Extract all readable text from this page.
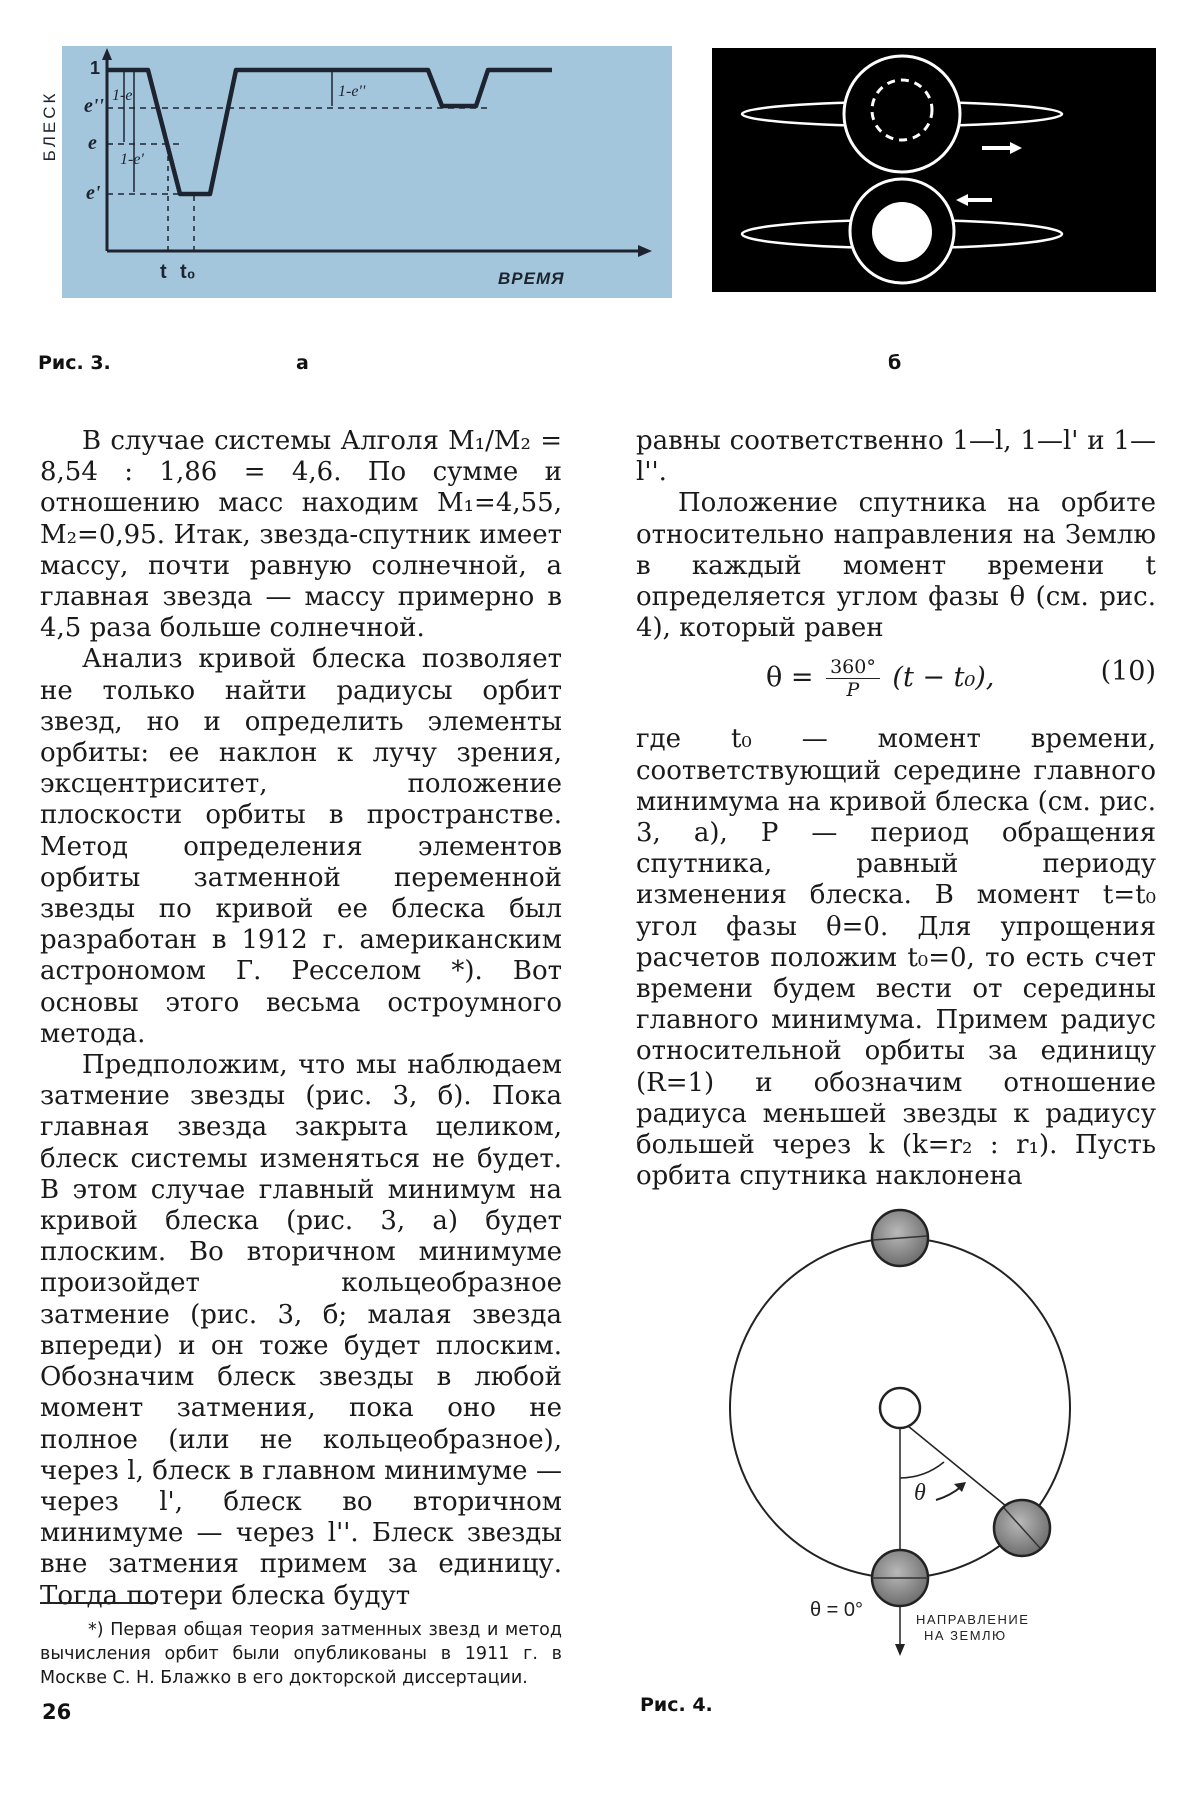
1
e''
e
e'
1-e
1-e'
1-e''
t t₀	ВРЕМЯ
БЛЕСК
Рис. 3.	а	б

В случае системы Алголя M₁/M₂ = 8,54 : 1,86 = 4,6. По сумме и отношению масс находим M₁=4,55, M₂=0,95. Итак, звезда-спутник имеет массу, почти равную солнечной, а главная звезда — массу примерно в 4,5 раза больше солнечной.

Анализ кривой блеска позволяет не только найти радиусы орбит звезд, но и определить элементы орбиты: ее наклон к лучу зрения, эксцентриситет, положение плоскости орбиты в пространстве. Метод определения элементов орбиты затменной переменной звезды по кривой ее блеска был разработан в 1912 г. американским астрономом Г. Ресселом *). Вот основы этого весьма остроумного метода.

Предположим, что мы наблюдаем затмение звезды (рис. 3, б). Пока главная звезда закрыта целиком, блеск системы изменяться не будет. В этом случае главный минимум на кривой блеска (рис. 3, а) будет плоским. Во вторичном минимуме произойдет кольцеобразное затмение (рис. 3, б; малая звезда впереди) и он тоже будет плоским. Обозначим блеск звезды в любой момент затмения, пока оно не полное (или не кольцеобразное), через l, блеск в главном минимуме — через l', блеск во вторичном минимуме — через l''. Блеск звезды вне затмения примем за единицу. Тогда потери блеска будут

*) Первая общая теория затменных звезд и метод вычисления орбит были опубликованы в 1911 г. в Москве С. Н. Блажко в его докторской диссертации.
26

равны соответственно 1—l, 1—l' и 1—l''.

Положение спутника на орбите относительно направления на Землю в каждый момент времени t определяется углом фазы θ (см. рис. 4), который равен

$\theta = \frac{360^\circ}{P} (t - t_0)$,	(10)

где t₀ — момент времени, соответствующий середине главного минимума на кривой блеска (см. рис. 3, а), P — период обращения спутника, равный периоду изменения блеска. В момент t=t₀ угол фазы θ=0. Для упрощения расчетов положим t₀=0, то есть счет времени будем вести от середины главного минимума. Примем радиус относительной орбиты за единицу (R=1) и обозначим отношение радиуса меньшей звезды к радиусу большей через k (k=r₂ : r₁). Пусть орбита спутника наклонена

θ
θ = 0°	НАПРАВЛЕНИЕ
НА ЗЕМЛЮ
Рис. 4.
